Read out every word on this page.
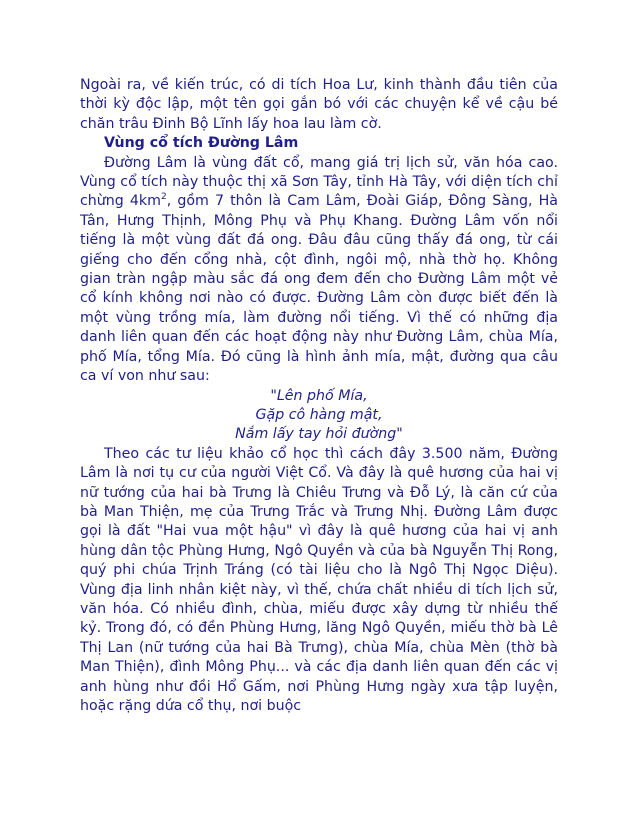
Ngoài ra, về kiến trúc, có di tích Hoa Lư, kinh thành đầu tiên của thời kỳ độc lập, một tên gọi gắn bó với các chuyện kể về cậu bé chăn trâu Đinh Bộ Lĩnh lấy hoa lau làm cờ.

Vùng cổ tích Đường Lâm

Đường Lâm là vùng đất cổ, mang giá trị lịch sử, văn hóa cao. Vùng cổ tích này thuộc thị xã Sơn Tây, tỉnh Hà Tây, với diện tích chỉ chừng $4km^2$, gồm 7 thôn là Cam Lâm, Đoài Giáp, Đông Sàng, Hà Tân, Hưng Thịnh, Mông Phụ và Phụ Khang. Đường Lâm vốn nổi tiếng là một vùng đất đá ong. Đâu đâu cũng thấy đá ong, từ cái giếng cho đến cổng nhà, cột đình, ngôi mộ, nhà thờ họ. Không gian tràn ngập màu sắc đá ong đem đến cho Đường Lâm một vẻ cổ kính không nơi nào có được. Đường Lâm còn được biết đến là một vùng trồng mía, làm đường nổi tiếng. Vì thế có những địa danh liên quan đến các hoạt động này như Đường Lâm, chùa Mía, phố Mía, tổng Mía. Đó cũng là hình ảnh mía, mật, đường qua câu ca ví von như sau:

"Lên phố Mía,
Gặp cô hàng mật,
Nắm lấy tay hỏi đường"

Theo các tư liệu khảo cổ học thì cách đây 3.500 năm, Đường Lâm là nơi tụ cư của người Việt Cổ. Và đây là quê hương của hai vị nữ tướng của hai bà Trưng là Chiêu Trưng và Đỗ Lý, là căn cứ của bà Man Thiện, mẹ của Trưng Trắc và Trưng Nhị. Đường Lâm được gọi là đất "Hai vua một hậu" vì đây là quê hương của hai vị anh hùng dân tộc Phùng Hưng, Ngô Quyền và của bà Nguyễn Thị Rong, quý phi chúa Trịnh Tráng (có tài liệu cho là Ngô Thị Ngọc Diệu). Vùng địa linh nhân kiệt này, vì thế, chứa chất nhiều di tích lịch sử, văn hóa. Có nhiều đình, chùa, miếu được xây dựng từ nhiều thế kỷ. Trong đó, có đền Phùng Hưng, lăng Ngô Quyền, miếu thờ bà Lê Thị Lan (nữ tướng của hai Bà Trưng), chùa Mía, chùa Mèn (thờ bà Man Thiện), đình Mông Phụ... và các địa danh liên quan đến các vị anh hùng như đồi Hổ Gấm, nơi Phùng Hưng ngày xưa tập luyện, hoặc rặng dứa cổ thụ, nơi buộc
